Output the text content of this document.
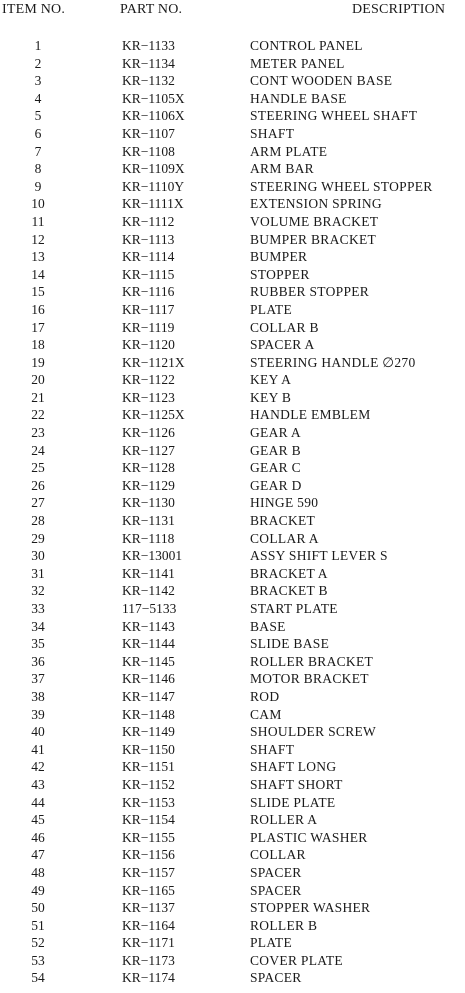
ITEM NO.	PART NO.	DESCRIPTION
1	KR−1133	CONTROL PANEL
2	KR−1134	METER PANEL
3	KR−1132	CONT WOODEN BASE
4	KR−1105X	HANDLE BASE
5	KR−1106X	STEERING WHEEL SHAFT
6	KR−1107	SHAFT
7	KR−1108	ARM PLATE
8	KR−1109X	ARM BAR
9	KR−1110Y	STEERING WHEEL STOPPER
10	KR−1111X	EXTENSION SPRING
11	KR−1112	VOLUME BRACKET
12	KR−1113	BUMPER BRACKET
13	KR−1114	BUMPER
14	KR−1115	STOPPER
15	KR−1116	RUBBER STOPPER
16	KR−1117	PLATE
17	KR−1119	COLLAR B
18	KR−1120	SPACER A
19	KR−1121X	STEERING HANDLE ∅270
20	KR−1122	KEY A
21	KR−1123	KEY B
22	KR−1125X	HANDLE EMBLEM
23	KR−1126	GEAR A
24	KR−1127	GEAR B
25	KR−1128	GEAR C
26	KR−1129	GEAR D
27	KR−1130	HINGE 590
28	KR−1131	BRACKET
29	KR−1118	COLLAR A
30	KR−13001	ASSY SHIFT LEVER S
31	KR−1141	BRACKET A
32	KR−1142	BRACKET B
33	117−5133	START PLATE
34	KR−1143	BASE
35	KR−1144	SLIDE BASE
36	KR−1145	ROLLER BRACKET
37	KR−1146	MOTOR BRACKET
38	KR−1147	ROD
39	KR−1148	CAM
40	KR−1149	SHOULDER SCREW
41	KR−1150	SHAFT
42	KR−1151	SHAFT LONG
43	KR−1152	SHAFT SHORT
44	KR−1153	SLIDE PLATE
45	KR−1154	ROLLER A
46	KR−1155	PLASTIC WASHER
47	KR−1156	COLLAR
48	KR−1157	SPACER
49	KR−1165	SPACER
50	KR−1137	STOPPER WASHER
51	KR−1164	ROLLER B
52	KR−1171	PLATE
53	KR−1173	COVER PLATE
54	KR−1174	SPACER
